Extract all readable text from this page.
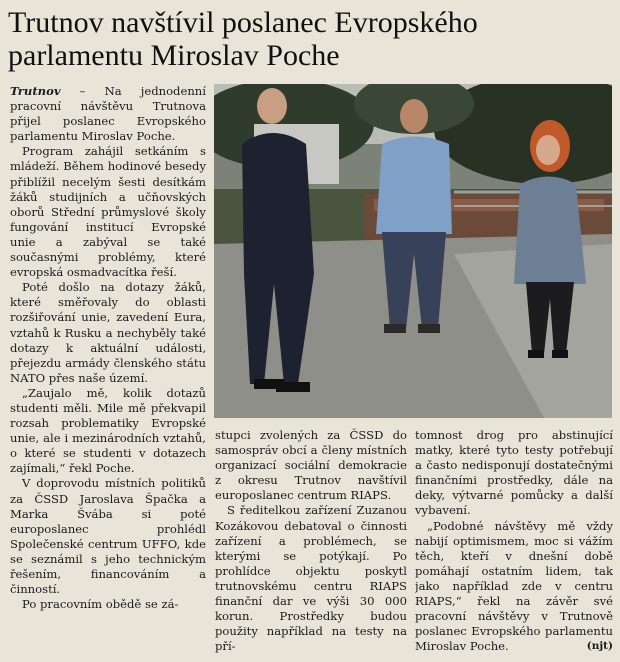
Trutnov navštívil poslanec Evropského
parlamentu Miroslav Poche

Trutnov – Na jednodenní pracovní návštěvu Trutnova přijel poslanec Evropského parlamentu Miroslav Poche.

Program zahájil setkáním s mládeží. Během hodinové besedy přiblížil necelým šesti desítkám žáků studijních a učňovských oborů Střední průmyslové školy fungování institucí Evropské unie a zabýval se také současnými problémy, které evropská osmadvacítka řeší.

Poté došlo na dotazy žáků, které směřovaly do oblasti rozšiřování unie, zavedení Eura, vztahů k Rusku a nechyběly také dotazy k aktuální události, přejezdu armády členského státu NATO přes naše území.

„Zaujalo mě, kolik dotazů studenti měli. Mile mě překvapil rozsah problematiky Evropské unie, ale i mezinárodních vztahů, o které se studenti v dotazech zajímali,“ řekl Poche.

V doprovodu místních politiků za ČSSD Jaroslava Špačka a Marka Švába si poté europoslanec prohlédl Společenské centrum UFFO, kde se seznámil s jeho technickým řešením, financováním a činností.

Po pracovním obědě se zá-

stupci zvolených za ČSSD do samospráv obcí a členy místních organizací sociální demokracie z okresu Trutnov navštívil europoslanec centrum RIAPS.

S ředitelkou zařízení Zuzanou Kozákovou debatoval o činnosti zařízení a problémech, se kterými se potýkají. Po prohlídce objektu poskytl trutnovskému centru RIAPS finanční dar ve výši 30 000 korun. Prostředky budou použity například na testy na pří-

tomnost drog pro abstinující matky, které tyto testy potřebují a často nedisponují dostatečnými finančními prostředky, dále na deky, výtvarné pomůcky a další vybavení.

„Podobné návštěvy mě vždy nabijí optimismem, moc si vážím těch, kteří v dnešní době pomáhají ostatním lidem, tak jako například zde v centru RIAPS,“ řekl na závěr své pracovní návštěvy v Trutnově poslanec Evropského parlamentu Miroslav Poche.	(njt)
